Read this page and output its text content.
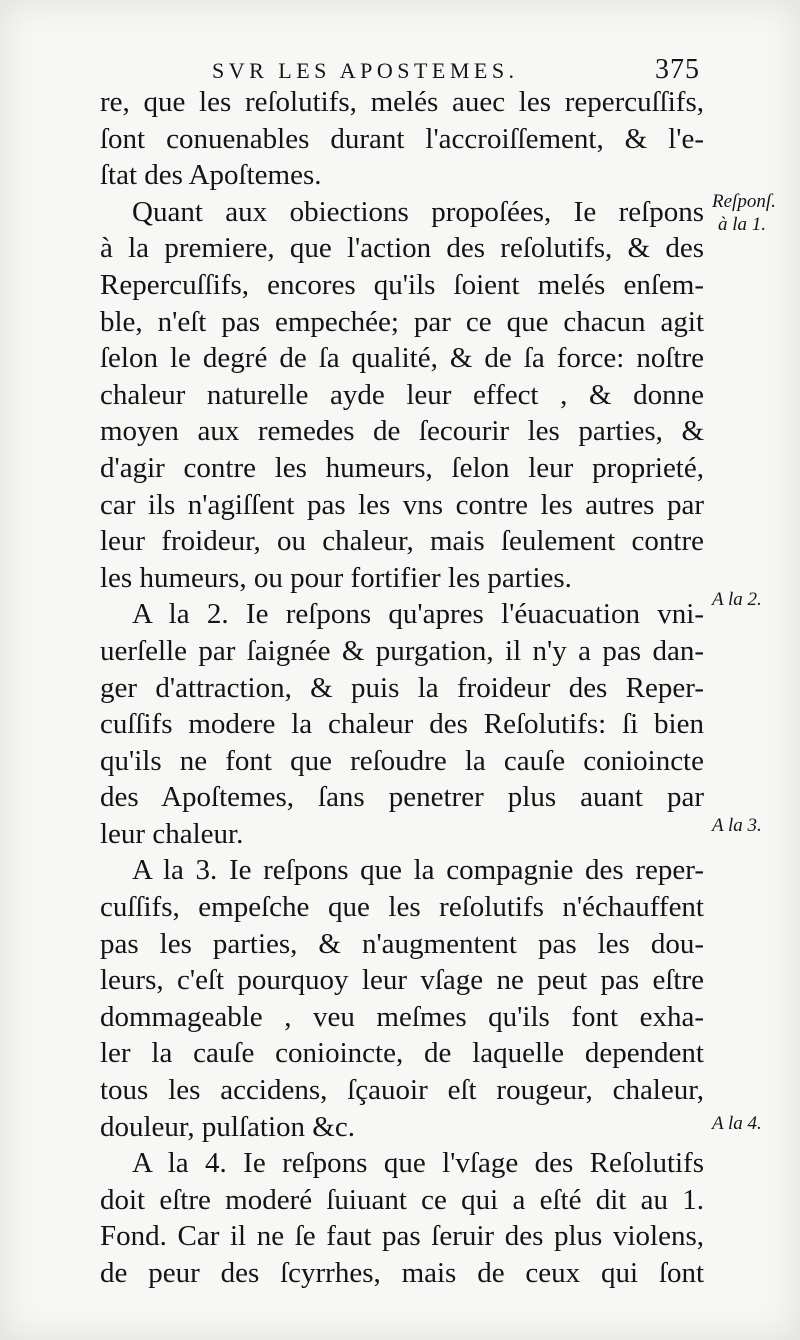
SVR LES APOSTEMES.	375
re, que les reſolutifs, melés auec les repercuſſifs,
ſont conuenables durant l'accroiſſement, & l'e-
ſtat des Apoſtemes.
Quant aux obiections propoſées, Ie reſpons
à la premiere, que l'action des reſolutifs, & des
Repercuſſifs, encores qu'ils ſoient melés enſem-
ble, n'eſt pas empechée; par ce que chacun agit
ſelon le degré de ſa qualité, & de ſa force: noſtre
chaleur naturelle ayde leur effect , & donne
moyen aux remedes de ſecourir les parties, &
d'agir contre les humeurs, ſelon leur proprieté,
car ils n'agiſſent pas les vns contre les autres par
leur froideur, ou chaleur, mais ſeulement contre
les humeurs, ou pour fortifier les parties.
A la 2. Ie reſpons qu'apres l'éuacuation vni-
uerſelle par ſaignée & purgation, il n'y a pas dan-
ger d'attraction, & puis la froideur des Reper-
cuſſifs modere la chaleur des Reſolutifs: ſi bien
qu'ils ne font que reſoudre la cauſe conioincte
des Apoſtemes, ſans penetrer plus auant par
leur chaleur.
A la 3. Ie reſpons que la compagnie des reper-
cuſſifs, empeſche que les reſolutifs n'échauffent
pas les parties, & n'augmentent pas les dou-
leurs, c'eſt pourquoy leur vſage ne peut pas eſtre
dommageable , veu meſmes qu'ils font exha-
ler la cauſe conioincte, de laquelle dependent
tous les accidens, ſçauoir eſt rougeur, chaleur,
douleur, pulſation &c.
A la 4. Ie reſpons que l'vſage des Reſolutifs
doit eſtre moderé ſuiuant ce qui a eſté dit au 1.
Fond. Car il ne ſe faut pas ſeruir des plus violens,
de peur des ſcyrrhes, mais de ceux qui ſont
Reſponſ.
à la 1.
A la 2.
A la 3.
A la 4.
